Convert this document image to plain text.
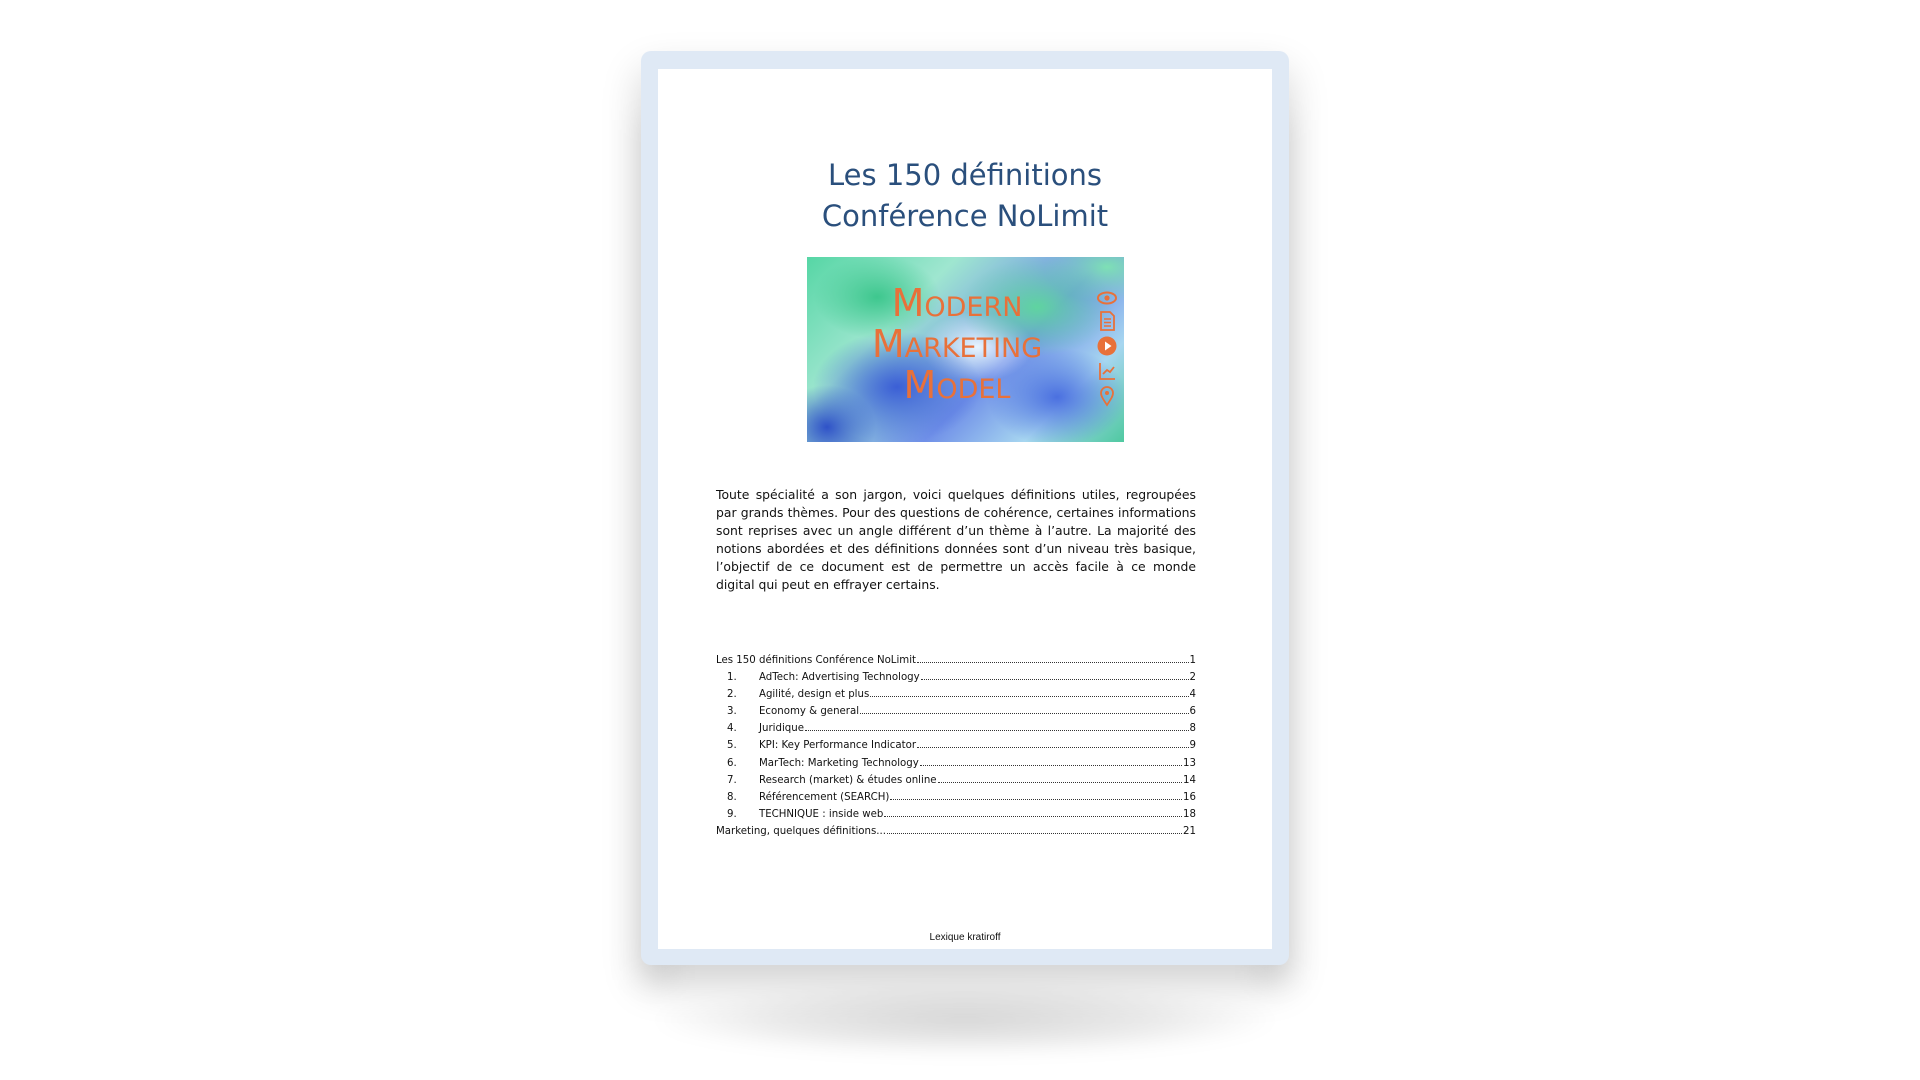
Les 150 définitions
Conférence NoLimit
Modern
Marketing
Model
Toute spécialité a son jargon, voici quelques définitions utiles, regroupées par grands thèmes. Pour des questions de cohérence, certaines informations sont reprises avec un angle différent d’un thème à l’autre. La majorité des notions abordées et des définitions données sont d’un niveau très basique, l’objectif de ce document est de permettre un accès facile à ce monde digital qui peut en effrayer certains.
Les 150 définitions Conférence NoLimit	1
1.	AdTech: Advertising Technology	2
2.	Agilité, design et plus	4
3.	Economy & general	6
4.	Juridique	8
5.	KPI: Key Performance Indicator	9
6.	MarTech: Marketing Technology	13
7.	Research (market) & études online	14
8.	Référencement (SEARCH)	16
9.	TECHNIQUE : inside web	18
Marketing, quelques définitions...	21
Lexique kratiroff
